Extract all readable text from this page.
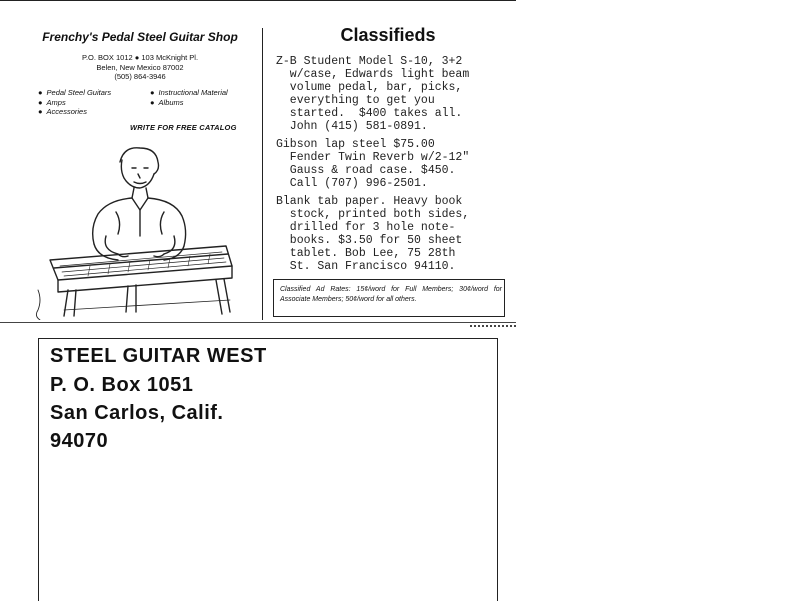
Frenchy's Pedal Steel Guitar Shop
P.O. BOX 1012 ● 103 McKnight Pl.
Belen, New Mexico 87002
(505) 864-3946
● Pedal Steel Guitars
● Amps
● Accessories
● Instructional Material
● Albums
WRITE FOR FREE CATALOG
Classifieds
Z-B Student Model S-10, 3+2
w/case, Edwards light beam
volume pedal, bar, picks,
everything to get you
started.  $400 takes all.
John (415) 581-0891.
Gibson lap steel $75.00
Fender Twin Reverb w/2-12"
Gauss & road case. $450.
Call (707) 996-2501.
Blank tab paper. Heavy book
stock, printed both sides,
drilled for 3 hole note-
books. $3.50 for 50 sheet
tablet. Bob Lee, 75 28th
St. San Francisco 94110.
Classified Ad Rates: 15¢/word for Full Members; 30¢/word for Associate Members; 50¢/word for all others.
STEEL GUITAR WEST
P. O. Box 1051
San Carlos, Calif.
94070
